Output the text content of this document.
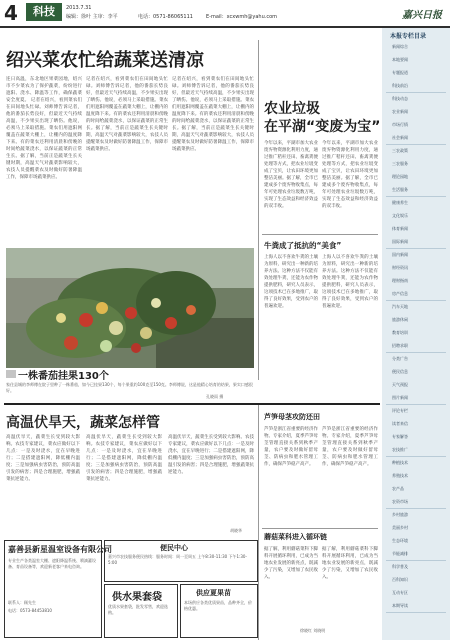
4	科技	2013.7.31
编辑：徐叶 主审：李平	电话：0571-86065111	E-mail：xcxwmh@yahu.com	嘉兴日报
绍兴菜农忙给蔬菜送清凉
连日高温，东北地区果菜园地，绍兴市不少菜农为了保护蔬菜，纷纷进行遮阳、浇水、降温等工作，确保蔬菜安全度夏。 记者在绍兴，看到菜农们在田间地头忙碌。刘师傅告诉记者，他的番茄长势良好，但最近天气持续高温，不少果实出现了晒伤。他说，必须马上采取措施。菜农们用遮阳网覆盖在蔬菜大棚上，让棚内的温度降下来。有的菜农还利用清晨和傍晚的时间给蔬菜浇水，以保证蔬菜的正常生长。据了解，当前正是蔬菜生长关键时期，高温天气对蔬菜影响较大，农技人员提醒菜农及时做好防暑降温工作，保障市场蔬菜供应。
记者在绍兴，看到菜农们在田间地头忙碌。刘师傅告诉记者，他的番茄长势良好，但最近天气持续高温，不少果实出现了晒伤。他说，必须马上采取措施。菜农们用遮阳网覆盖在蔬菜大棚上，让棚内的温度降下来。有的菜农还利用清晨和傍晚的时间给蔬菜浇水，以保证蔬菜的正常生长。据了解，当前正是蔬菜生长关键时期，高温天气对蔬菜影响较大，农技人员提醒菜农及时做好防暑降温工作，保障市场蔬菜供应。
记者在绍兴，看到菜农们在田间地头忙碌。刘师傅告诉记者，他的番茄长势良好，但最近天气持续高温，不少果实出现了晒伤。他说，必须马上采取措施。菜农们用遮阳网覆盖在蔬菜大棚上，让棚内的温度降下来。有的菜农还利用清晨和傍晚的时间给蔬菜浇水，以保证蔬菜的正常生长。据了解，当前正是蔬菜生长关键时期，高温天气对蔬菜影响较大，农技人员提醒菜农及时做好防暑降温工作，保障市场蔬菜供应。
农业垃圾
在平湖“变废为宝”
今年以来，平湖市加大农业废弃物资源化利用力度，通过推广秸秆还田、畜禽粪便处理等方式，把农业垃圾变成了宝贝，让农田环境更加整洁美丽。据了解，全市已建成多个废弃物收集点，每年可处理农业垃圾数万吨，实现了生态效益和经济效益的双丰收。
今年以来，平湖市加大农业废弃物资源化利用力度，通过推广秸秆还田、畜禽粪便处理等方式，把农业垃圾变成了宝贝，让农田环境更加整洁美丽。据了解，全市已建成多个废弃物收集点，每年可处理农业垃圾数万吨，实现了生态效益和经济效益的双丰收。
牛粪成了抵抗的“美食”
上海人以不喜欢牛粪的土壤为原料，研究出一种新的培养方法。这种方法不仅能有效处理牛粪，还能为农作物提供肥料，研究人员表示，这项技术已在多地推广，取得了良好效果，受到农户的普遍欢迎。
上海人以不喜欢牛粪的土壤为原料，研究出一种新的培养方法。这种方法不仅能有效处理牛粪，还能为农作物提供肥料，研究人员表示，这项技术已在多地推广，取得了良好效果，受到农户的普遍欢迎。
一株番茄挂果130个
家住县城的李师傅在院子里种了一株番茄，如今已挂果130个，每个果重约100克至150克。李师傅说，这是他精心培育的结果，果实口感很好。
孔晓雨 摄
高温伏旱天，蔬菜怎样管
高温伏旱天，蔬菜生长受到较大影响。农技专家建议，菜农应做好以下几点：一是及时浇水，宜在早晚进行；二是搭建遮阳网，降低棚内温度；三是加强病虫害防治，预防高温引发的病害；四是合理施肥，增强蔬菜抗逆能力。
高温伏旱天，蔬菜生长受到较大影响。农技专家建议，菜农应做好以下几点：一是及时浇水，宜在早晚进行；二是搭建遮阳网，降低棚内温度；三是加强病虫害防治，预防高温引发的病害；四是合理施肥，增强蔬菜抗逆能力。
高温伏旱天，蔬菜生长受到较大影响。农技专家建议，菜农应做好以下几点：一是及时浇水，宜在早晚进行；二是搭建遮阳网，降低棚内温度；三是加强病虫害防治，预防高温引发的病害；四是合理施肥，增强蔬菜抗逆能力。
胡晓华
芦笋母茎攻防还田
芦笋是浙江省重要的经济作物。专家介绍，夏季芦笋母茎管理直接关系到秋季产量，农户要及时做好留母茎、防病虫和肥水管理工作，确保芦笋稳产高产。
芦笋是浙江省重要的经济作物。专家介绍，夏季芦笋母茎管理直接关系到秋季产量，农户要及时做好留母茎、防病虫和肥水管理工作，确保芦笋稳产高产。
蘑菇菜科进入循环链
据了解，利用蘑菇菜科下脚料开展循环利用，已成为当地农业发展的新亮点，既减少了污染，又增加了农民收入。
据了解，利用蘑菇菜科下脚料开展循环利用，已成为当地农业发展的新亮点，既减少了污染，又增加了农民收入。
徐晓红 刘晓明
嘉善县新星温室设备有限公司
专业生产各类温室大棚、遮阳降温系统、喷滴灌设备、育苗设备等，欢迎新老客户来电咨询。
联系人：顾先生
电话：0573-84453810
便民中心
嘉兴市农技服务便民热线：服务时间：周一至周五 上午8:30-11:30 下午1:30-5:00
供水果套袋
优质水果套袋，批发零售，欢迎选购。
供应夏果苗
本场供应各类优质果苗，品种齐全，价格优惠。
本报专栏目录
新闻综合
本地要闻
专题报道
科技前沿
科技动态
农业新闻
市场行情
社会新闻
三农政策
三农服务
理论园地
生活服务
健康养生
文化娱乐
体育新闻
国际新闻
国内新闻
财经资讯
理财指南
房产信息
汽车天地
旅游休闲
教育培训
招聘求职
分类广告
便民信息
天气预报
图片新闻
评论专栏
读者来信
专家解答
农技推广
种植技术
养殖技术
农产品
农资市场
乡村旅游
美丽乡村
生态环境
节能减排
科学普及
百科知识
互动专区
本期导读
